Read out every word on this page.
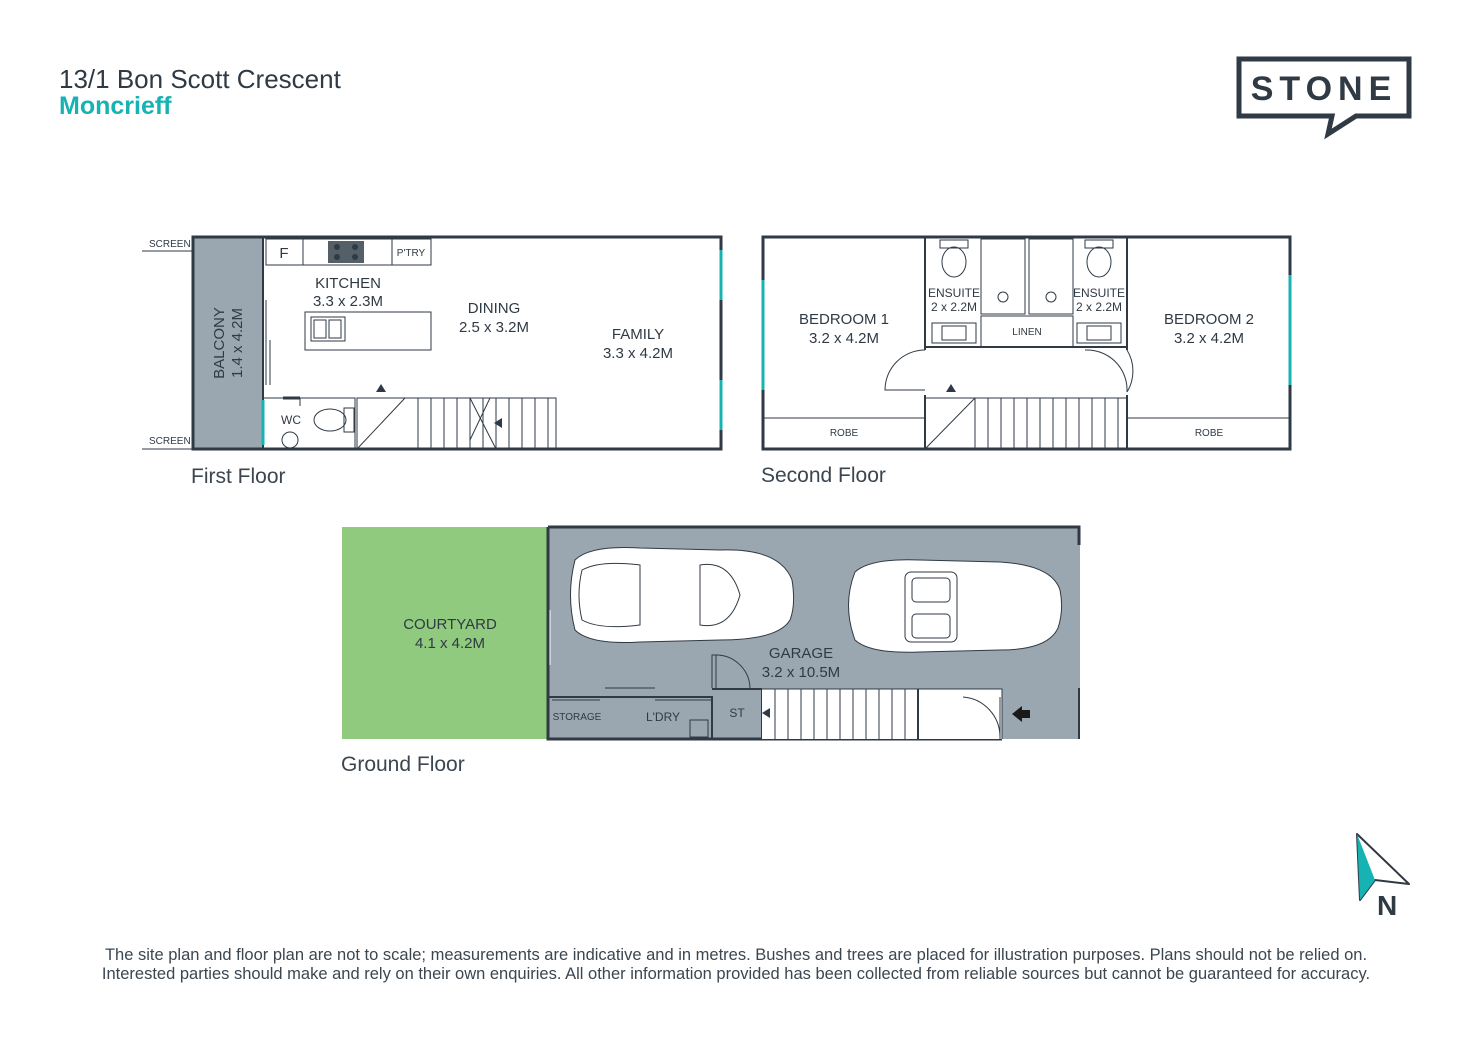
13/1 Bon Scott Crescent
Moncrieff	STONE
SCREEN
SCREEN
BALCONY 1.4 x 4.2M
F	P'TRY
KITCHEN
3.3 x 2.3M	DINING
2.5 x 3.2M	FAMILY
3.3 x 4.2M
WC
First Floor
ROBE	ROBE
BEDROOM 1
3.2 x 4.2M
BEDROOM 2
3.2 x 4.2M
ENSUITE
2 x 2.2M
ENSUITE
2 x 2.2M
LINEN
Second Floor
COURTYARD
4.1 x 4.2M
GARAGE
3.2 x 10.5M
STORAGE	L'DRY	ST
Ground Floor
N
The site plan and floor plan are not to scale; measurements are indicative and in metres. Bushes and trees are placed for illustration purposes. Plans should not be relied on.
Interested parties should make and rely on their own enquiries. All other information provided has been collected from reliable sources but cannot be guaranteed for accuracy.
